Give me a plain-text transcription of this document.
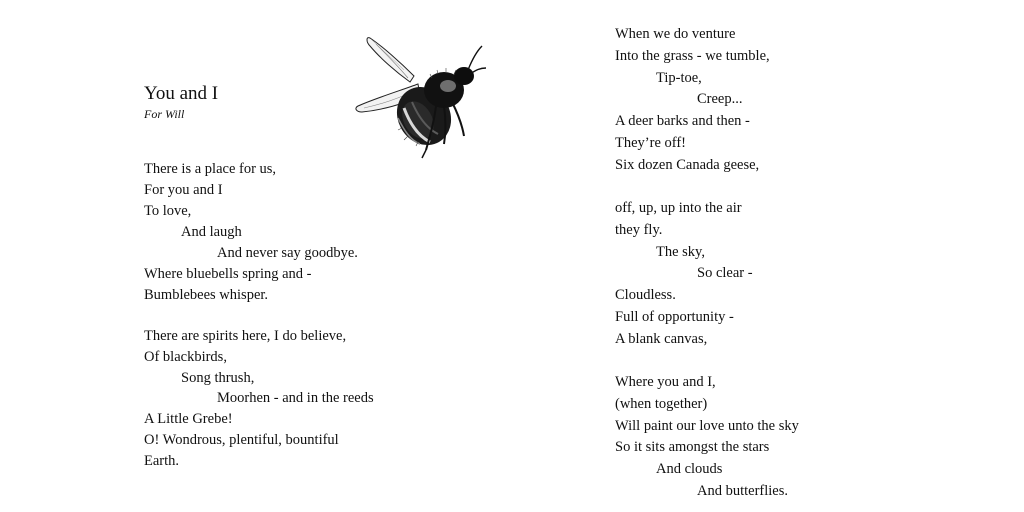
You and I
For Will
There is a place for us,
For you and I
To love,
And laugh
And never say goodbye.
Where bluebells spring and -
Bumblebees whisper.
There are spirits here, I do believe,
Of blackbirds,
Song thrush,
Moorhen - and in the reeds
A Little Grebe!
O! Wondrous, plentiful, bountiful
Earth.
When we do venture
Into the grass - we tumble,
Tip-toe,
Creep...
A deer barks and then -
They’re off!
Six dozen Canada geese,
off, up, up into the air
they fly.
The sky,
So clear -
Cloudless.
Full of opportunity -
A blank canvas,
Where you and I,
(when together)
Will paint our love unto the sky
So it sits amongst the stars
And clouds
And butterflies.
